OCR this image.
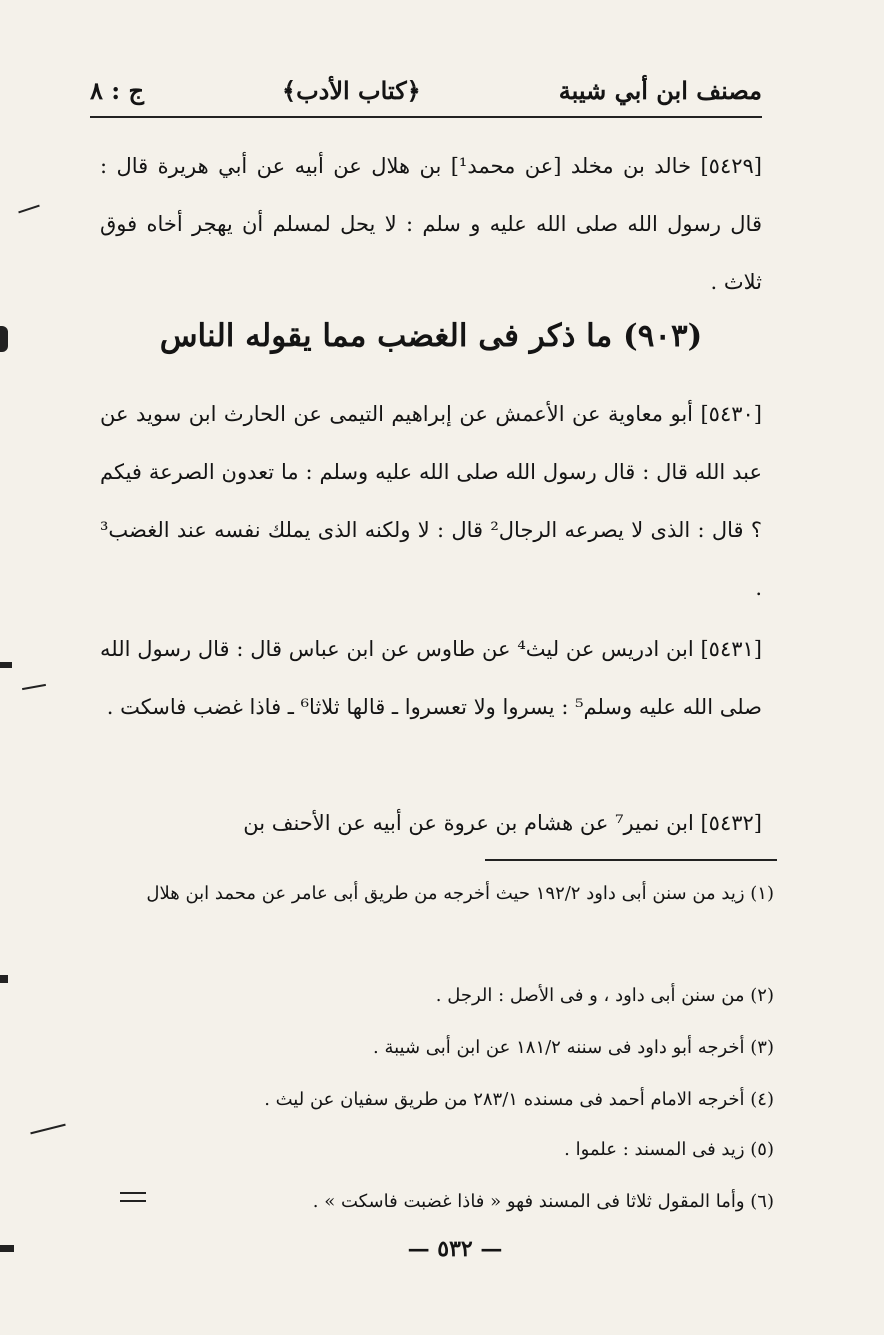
مصنف ابن أبي شيبة
﴿كتاب الأدب﴾
ج : ٨

[٥٤٢٩] خالد بن مخلد [عن محمد¹] بن هلال عن أبيه عن أبي هريرة قال : قال رسول الله صلى الله عليه و سلم : لا يحل لمسلم أن يهجر أخاه فوق ثلاث .

(٩٠٣) ما ذكر فى الغضب مما يقوله الناس

[٥٤٣٠] أبو معاوية عن الأعمش عن إبراهيم التيمى عن الحارث ابن سويد عن عبد الله قال : قال رسول الله صلى الله عليه وسلم : ما تعدون الصرعة فيكم ؟ قال : الذى لا يصرعه الرجال² قال : لا ولكنه الذى يملك نفسه عند الغضب³ .

[٥٤٣١] ابن ادريس عن ليث⁴ عن طاوس عن ابن عباس قال : قال رسول الله صلى الله عليه وسلم⁵ : يسروا ولا تعسروا ـ قالها ثلاثا⁶ ـ فاذا غضب فاسكت .

[٥٤٣٢] ابن نمير⁷ عن هشام بن عروة عن أبيه عن الأحنف بن

(١) زيد من سنن أبى داود ١٩٢/٢ حيث أخرجه من طريق أبى عامر عن محمد ابن هلال

(٢) من سنن أبى داود ، و فى الأصل : الرجل .

(٣) أخرجه أبو داود فى سننه ١٨١/٢ عن ابن أبى شيبة .

(٤) أخرجه الامام أحمد فى مسنده ٢٨٣/١ من طريق سفيان عن ليث .

(٥) زيد فى المسند : علموا .

(٦) وأما المقول ثلاثا فى المسند فهو « فاذا غضبت فاسكت » .

— ٥٣٢ —
